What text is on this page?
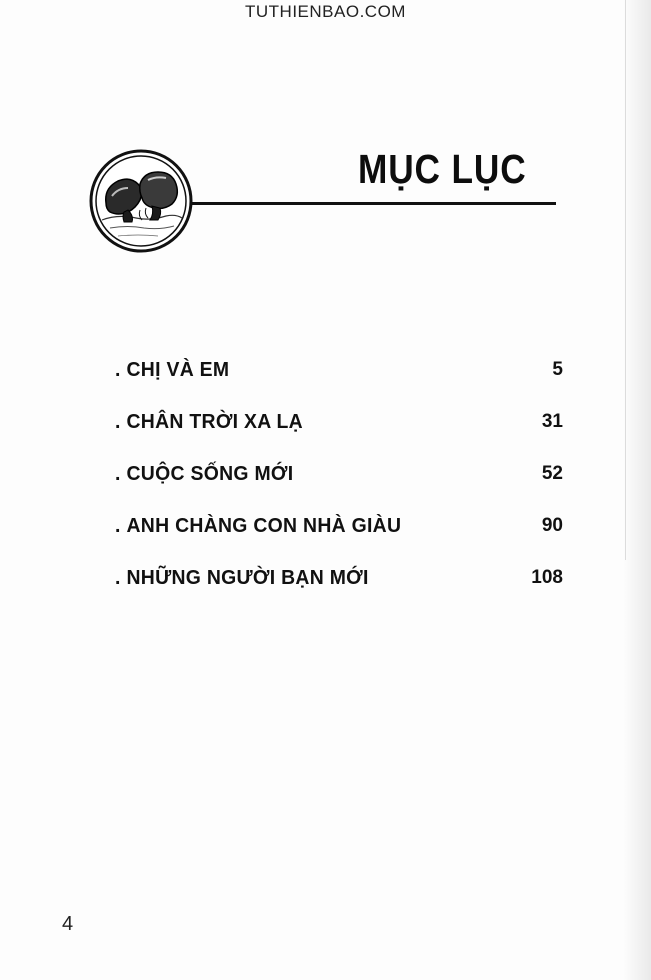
TUTHIENBAO.COM
MỤC LỤC
. CHỊ VÀ EM	5
. CHÂN TRỜI XA LẠ	31
. CUỘC SỐNG MỚI	52
. ANH CHÀNG CON NHÀ GIÀU	90
. NHỮNG NGƯỜI BẠN MỚI	108
4
